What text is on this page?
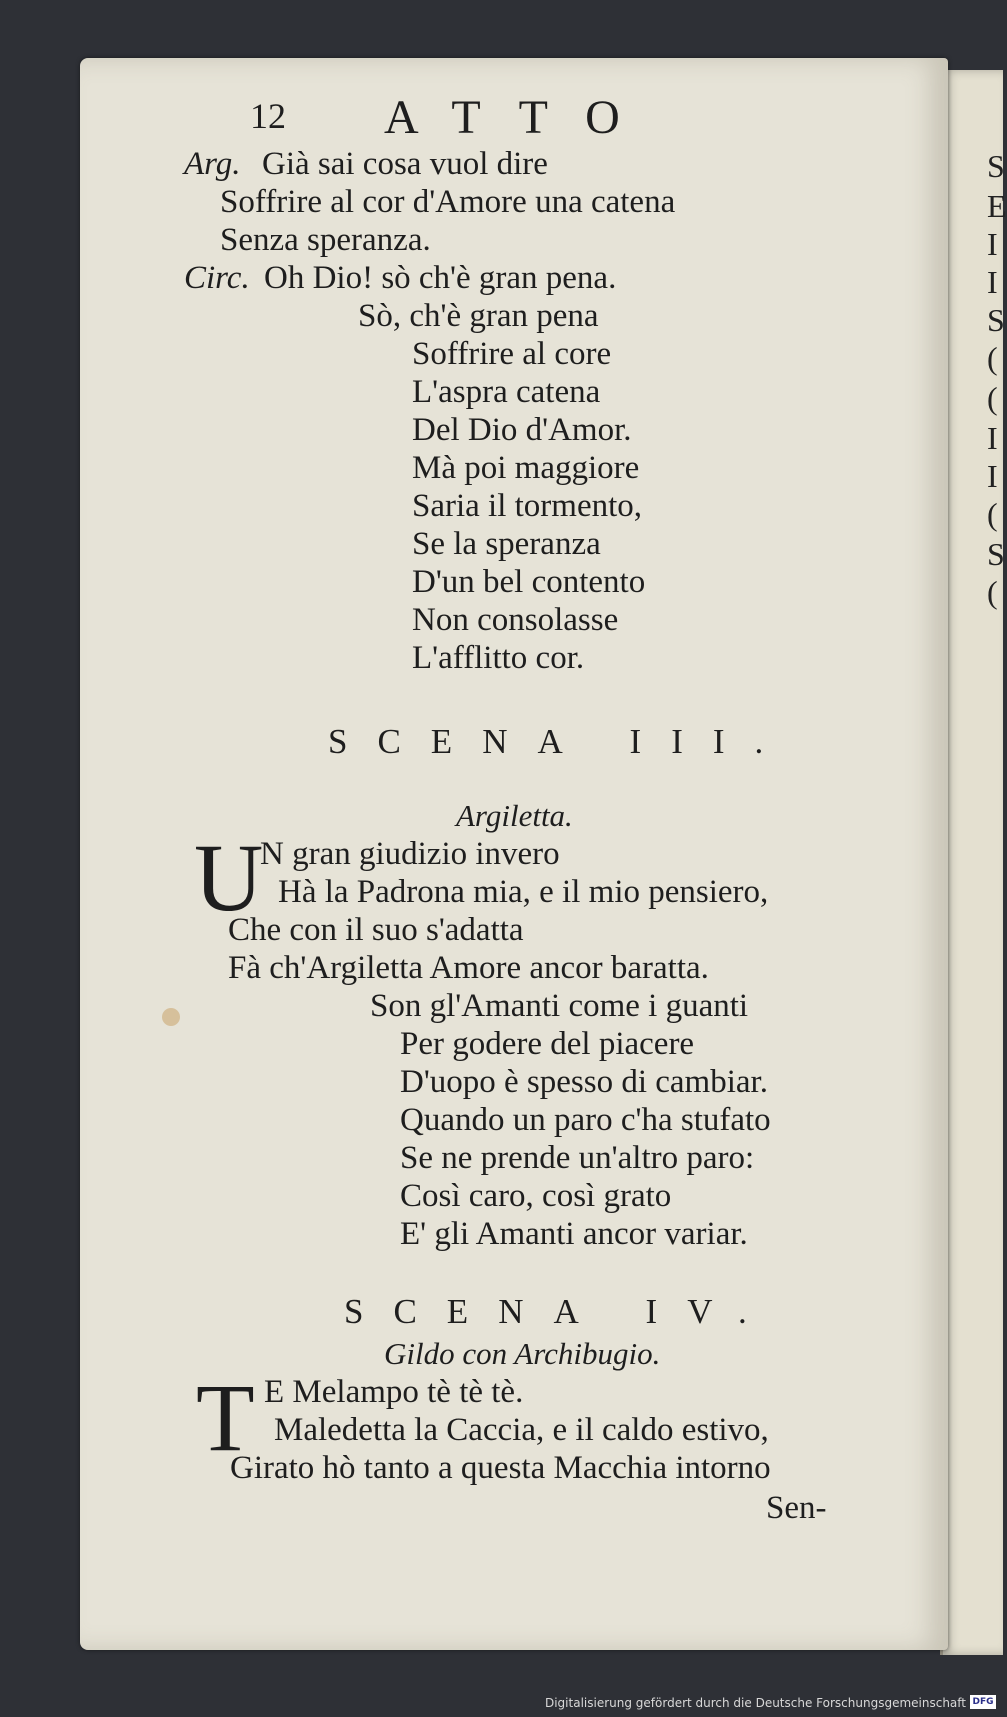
S
E
I
I
S
(
(
I
I
(
S
(
12 ATTO
Arg. Già sai cosa vuol dire
Soffrire al cor d'Amore una catena
Senza speranza.
Circ. Oh Dio! sò ch'è gran pena.
Sò, ch'è gran pena
Soffrire al core
L'aspra catena
Del Dio d'Amor.
Mà poi maggiore
Saria il tormento,
Se la speranza
D'un bel contento
Non consolasse
L'afflitto cor.
SCENA III.
Argiletta.
U
N gran giudizio invero
Hà la Padrona mia, e il mio pensiero,
Che con il suo s'adatta
Fà ch'Argiletta Amore ancor baratta.
Son gl'Amanti come i guanti
Per godere del piacere
D'uopo è spesso di cambiar.
Quando un paro c'ha stufato
Se ne prende un'altro paro:
Così caro, così grato
E' gli Amanti ancor variar.
SCENA IV.
Gildo con Archibugio.
T E Melampo tè tè tè.
Maledetta la Caccia, e il caldo estivo,
Girato hò tanto a questa Macchia intorno
Sen-
Digitalisierung gefördert durch die Deutsche Forschungsgemeinschaft DFG
